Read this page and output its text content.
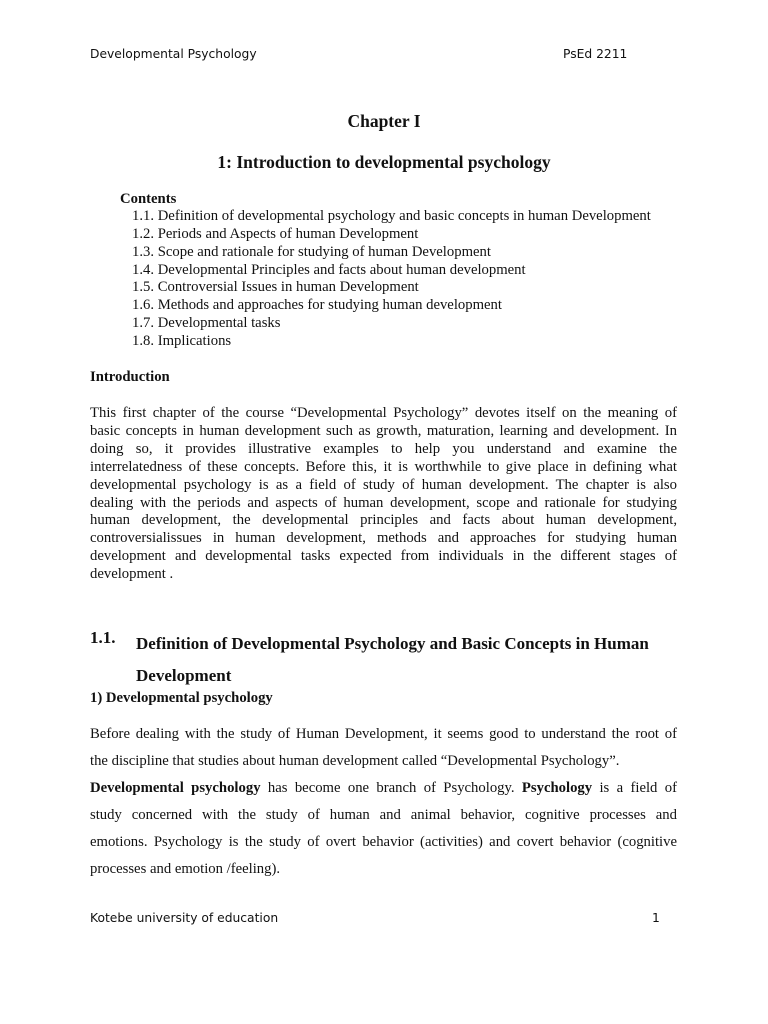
Developmental Psychology	PsEd 2211
Chapter I
1: Introduction to developmental psychology
Contents
1.1. Definition of developmental psychology and basic concepts in human Development
1.2. Periods and Aspects of human Development
1.3. Scope and rationale for studying of human Development
1.4. Developmental Principles and facts about human development
1.5. Controversial Issues in human Development
1.6. Methods and approaches for studying human development
1.7. Developmental tasks
1.8. Implications
Introduction
This first chapter of the course “Developmental Psychology” devotes itself on the meaning of
basic concepts in human development such as growth, maturation, learning and development. In
doing so, it provides illustrative examples to help you understand and examine the
interrelatedness of these concepts. Before this, it is worthwhile to give place in defining what
developmental psychology is as a field of study of human development. The chapter is also
dealing with the periods and aspects of human development, scope and rationale for studying
human development, the developmental principles and facts about human development,
controversialissues in human development, methods and approaches for studying human
development and developmental tasks expected from individuals in the different stages of
development .
1.1. Definition of Developmental Psychology and Basic Concepts in Human Development
1) Developmental psychology
Before dealing with the study of Human Development, it seems good to understand the root of
the discipline that studies about human development called “Developmental Psychology”.
Developmental psychology has become one branch of Psychology. Psychology is a field of
study concerned with the study of human and animal behavior, cognitive processes and
emotions. Psychology is the study of overt behavior (activities) and covert behavior (cognitive
processes and emotion /feeling).
Kotebe university of education	1
